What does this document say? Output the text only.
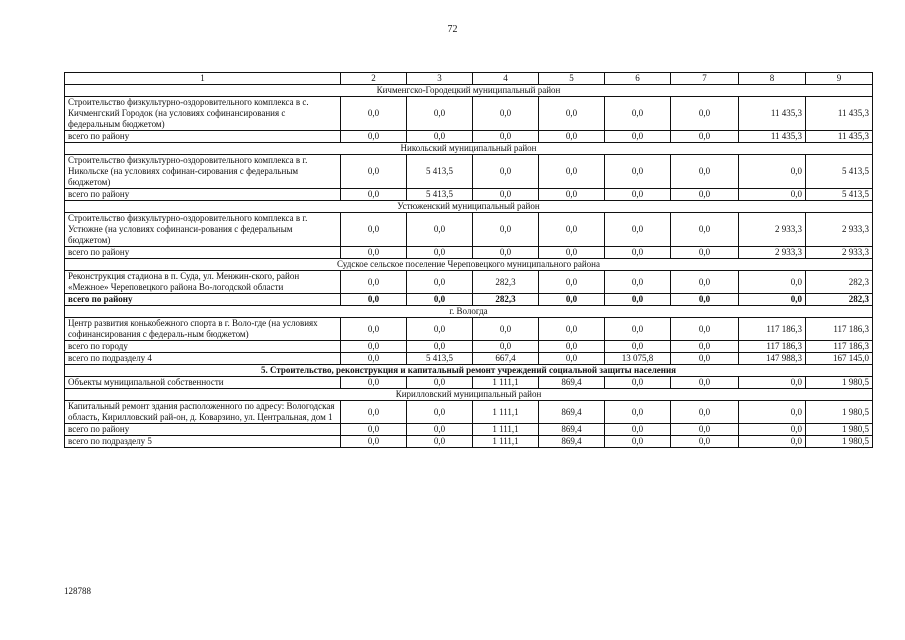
72
1	2	3	4	5	6	7	8	9
Кичменгско-Городецкий муниципальный район								
Строительство физкультурно-оздоровительного комплекса в с. Кичменгский Городок (на условиях софинансирования с федеральным бюджетом)	0,0	0,0	0,0	0,0	0,0	0,0	11 435,3	11 435,3
всего по району	0,0	0,0	0,0	0,0	0,0	0,0	11 435,3	11 435,3
Никольский муниципальный район								
Строительство физкультурно-оздоровительного комплекса в г. Никольске (на условиях софинан-сирования с федеральным бюджетом)	0,0	5 413,5	0,0	0,0	0,0	0,0	0,0	5 413,5
всего по району	0,0	5 413,5	0,0	0,0	0,0	0,0	0,0	5 413,5
Устюженский муниципальный район								
Строительство физкультурно-оздоровительного комплекса в г. Устюжне (на условиях софинанси-рования с федеральным бюджетом)	0,0	0,0	0,0	0,0	0,0	0,0	2 933,3	2 933,3
всего по району	0,0	0,0	0,0	0,0	0,0	0,0	2 933,3	2 933,3
Судское сельское поселение Череповецкого муниципального района								
Реконструкция стадиона в п. Суда, ул. Менжин-ского, район «Межное» Череповецкого района Во-логодской области	0,0	0,0	282,3	0,0	0,0	0,0	0,0	282,3
всего по району	0,0	0,0	282,3	0,0	0,0	0,0	0,0	282,3
г. Вологда								
Центр развития конькобежного спорта в г. Воло-где (на условиях софинансирования с федераль-ным бюджетом)	0,0	0,0	0,0	0,0	0,0	0,0	117 186,3	117 186,3
всего по городу	0,0	0,0	0,0	0,0	0,0	0,0	117 186,3	117 186,3
всего по подразделу 4	0,0	5 413,5	667,4	0,0	13 075,8	0,0	147 988,3	167 145,0
5. Строительство, реконструкция и капитальный ремонт учреждений социальной защиты населения								
Объекты муниципальной собственности	0,0	0,0	1 111,1	869,4	0,0	0,0	0,0	1 980,5
Кирилловский муниципальный район								
Капитальный ремонт здания расположенного по адресу: Вологодская область, Кирилловский рай-он, д. Коварзино, ул. Центральная, дом 1	0,0	0,0	1 111,1	869,4	0,0	0,0	0,0	1 980,5
всего по району	0,0	0,0	1 111,1	869,4	0,0	0,0	0,0	1 980,5
всего по подразделу 5	0,0	0,0	1 111,1	869,4	0,0	0,0	0,0	1 980,5
128788
